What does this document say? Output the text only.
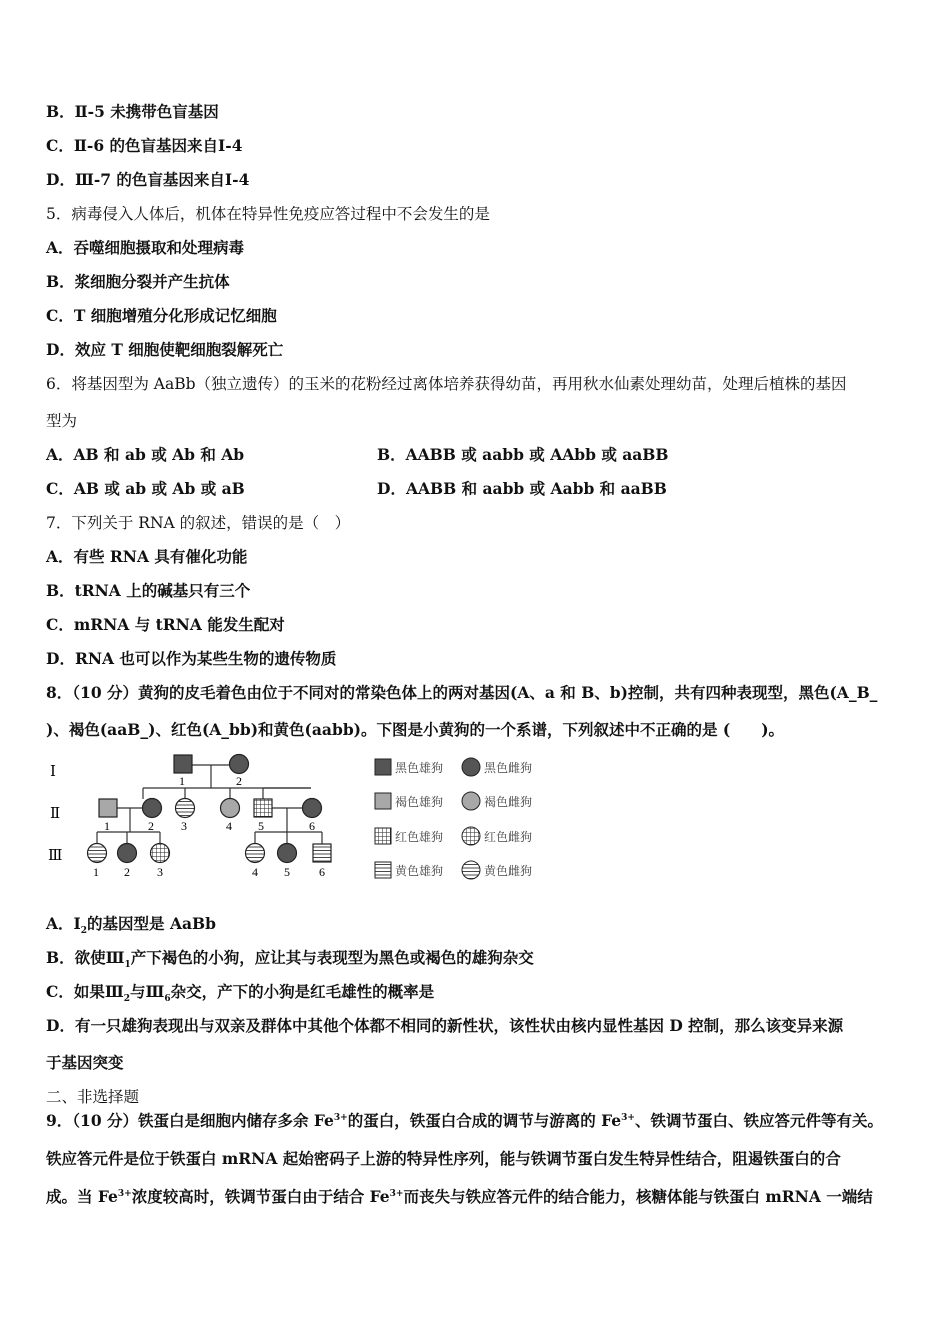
B．Ⅱ-5 未携带色盲基因
C．Ⅱ-6 的色盲基因来自Ⅰ-4
D．Ⅲ-7 的色盲基因来自Ⅰ-4
5．病毒侵入人体后，机体在特异性免疫应答过程中不会发生的是
A．吞噬细胞摄取和处理病毒
B．浆细胞分裂并产生抗体
C．T 细胞增殖分化形成记忆细胞
D．效应 T 细胞使靶细胞裂解死亡
6．将基因型为 AaBb（独立遗传）的玉米的花粉经过离体培养获得幼苗，再用秋水仙素处理幼苗，处理后植株的基因
型为
A．AB 和 ab 或 Ab 和 Ab	B．AABB 或 aabb 或 AAbb 或 aaBB
C．AB 或 ab 或 Ab 或 aB	D．AABB 和 aabb 或 Aabb 和 aaBB
7．下列关于 RNA 的叙述，错误的是（　）
A．有些 RNA 具有催化功能
B．tRNA 上的碱基只有三个
C．mRNA 与 tRNA 能发生配对
D．RNA 也可以作为某些生物的遗传物质
8．（10 分）黄狗的皮毛着色由位于不同对的常染色体上的两对基因(A、a 和 B、b)控制，共有四种表现型，黑色(A_B_
)、褐色(aaB_)、红色(A_bb)和黄色(aabb)。下图是小黄狗的一个系谱，下列叙述中不正确的是 (　　)。
Ⅰ
Ⅱ
Ⅲ
1	2
1	2 3	4 5	6
1 2 3	4 5 6
黑色雄狗	黑色雌狗
褐色雄狗	褐色雌狗
红色雄狗	红色雌狗
黄色雄狗	黄色雌狗
A．$Ⅰ_2$的基因型是 AaBb
B．欲使$Ⅲ_1$产下褐色的小狗，应让其与表现型为黑色或褐色的雄狗杂交
C．如果$Ⅲ_2$与$Ⅲ_6$杂交，产下的小狗是红毛雄性的概率是
D．有一只雄狗表现出与双亲及群体中其他个体都不相同的新性状，该性状由核内显性基因 D 控制，那么该变异来源
于基因突变
二、非选择题
9．（10 分）铁蛋白是细胞内储存多余 $Fe^{3+}$的蛋白，铁蛋白合成的调节与游离的 $Fe^{3+}$、铁调节蛋白、铁应答元件等有关。
铁应答元件是位于铁蛋白 mRNA 起始密码子上游的特异性序列，能与铁调节蛋白发生特异性结合，阻遏铁蛋白的合
成。当 $Fe^{3+}$浓度较高时，铁调节蛋白由于结合 $Fe^{3+}$而丧失与铁应答元件的结合能力，核糖体能与铁蛋白 mRNA 一端结
